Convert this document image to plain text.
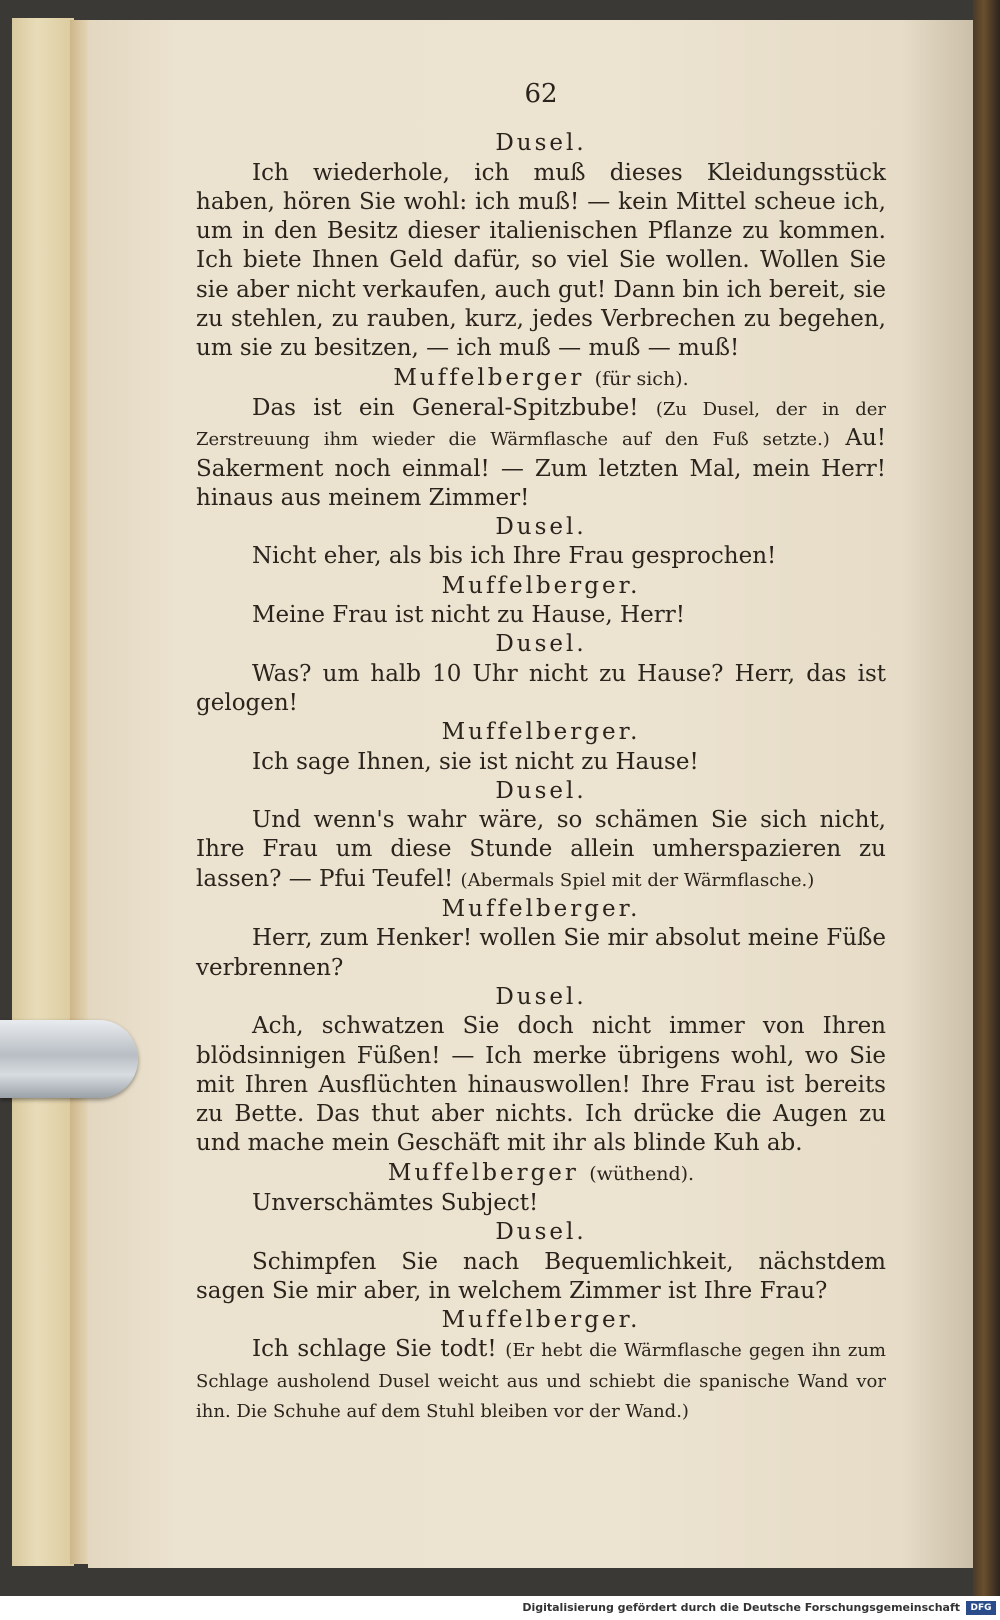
62
Dusel.
Ich wiederhole, ich muß dieses Kleidungsstück haben, hören Sie wohl: ich muß! — kein Mittel scheue ich, um in den Besitz dieser italienischen Pflanze zu kommen. Ich biete Ihnen Geld dafür, so viel Sie wollen. Wollen Sie sie aber nicht verkaufen, auch gut! Dann bin ich bereit, sie zu stehlen, zu rauben, kurz, jedes Verbrechen zu begehen, um sie zu besitzen, — ich muß — muß — muß!
Muffelberger (für sich).
Das ist ein General-Spitzbube! (Zu Dusel, der in der Zerstreuung ihm wieder die Wärmflasche auf den Fuß setzte.) Au! Sakerment noch einmal! — Zum letzten Mal, mein Herr! hinaus aus meinem Zimmer!
Dusel.
Nicht eher, als bis ich Ihre Frau gesprochen!
Muffelberger.
Meine Frau ist nicht zu Hause, Herr!
Dusel.
Was? um halb 10 Uhr nicht zu Hause? Herr, das ist gelogen!
Muffelberger.
Ich sage Ihnen, sie ist nicht zu Hause!
Dusel.
Und wenn's wahr wäre, so schämen Sie sich nicht, Ihre Frau um diese Stunde allein umherspazieren zu lassen? — Pfui Teufel! (Abermals Spiel mit der Wärmflasche.)
Muffelberger.
Herr, zum Henker! wollen Sie mir absolut meine Füße verbrennen?
Dusel.
Ach, schwatzen Sie doch nicht immer von Ihren blödsinnigen Füßen! — Ich merke übrigens wohl, wo Sie mit Ihren Ausflüchten hinauswollen! Ihre Frau ist bereits zu Bette. Das thut aber nichts. Ich drücke die Augen zu und mache mein Geschäft mit ihr als blinde Kuh ab.
Muffelberger (wüthend).
Unverschämtes Subject!
Dusel.
Schimpfen Sie nach Bequemlichkeit, nächstdem sagen Sie mir aber, in welchem Zimmer ist Ihre Frau?
Muffelberger.
Ich schlage Sie todt! (Er hebt die Wärmflasche gegen ihn zum Schlage ausholend Dusel weicht aus und schiebt die spanische Wand vor ihn. Die Schuhe auf dem Stuhl bleiben vor der Wand.)
Digitalisierung gefördert durch die Deutsche Forschungsgemeinschaft	DFG
